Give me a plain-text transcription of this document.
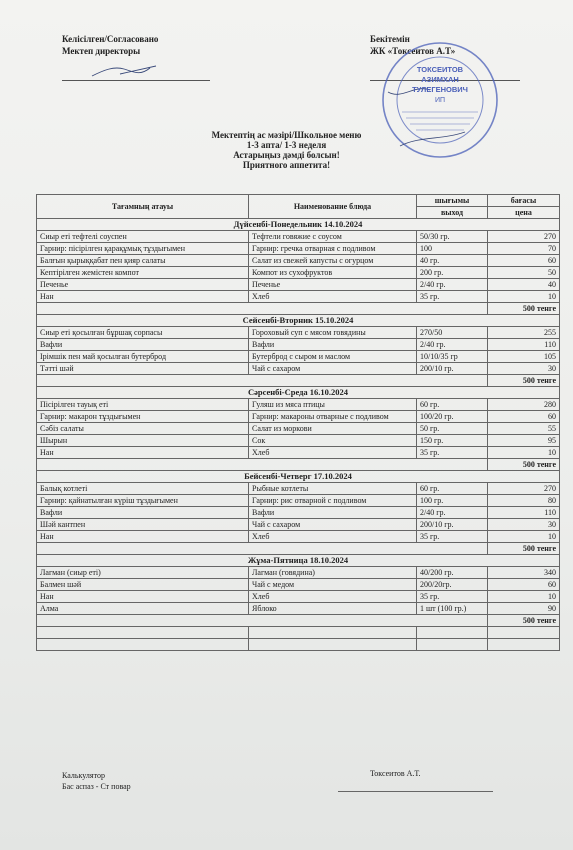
Келісілген/Согласовано
Мектеп директоры
Бекітемін
ЖК «Токсеитов А.Т»
ТОКСЕИТОВ
АЗИМХАН
ТУЛЕГЕНОВИЧ
ИП
Мектептің ас мәзірі/Школьное меню
1-3 апта/ 1-3 неделя
Астарыңыз дәмді болсын!
Приятного аппетита!
Тағамның атауы	Наименование блюда	шығымы	бағасы
		выход	цена
Дүйсенбі-Понедельник 14.10.2024			
Сиыр еті тефтелі соуспен	Тефтели говяжие с соусом	50/30 гр.	270
Гарнир: пісірілген қарақұмық тұздығымен	Гарнир: гречка отварная с подливом	100	70
Балғын қырыққабат пен қияр салаты	Салат из свежей капусты с огурцом	40 гр.	60
Кептірілген жемістен компот	Компот из сухофруктов	200 гр.	50
Печенье	Печенье	2/40 гр.	40
Нан	Хлеб	35 гр.	10
			500 тенге
Сейсенбі-Вторник 15.10.2024			
Сиыр еті қосылған бұршақ сорпасы	Гороховый суп с мясом говядины	270/50	255
Вафли	Вафли	2/40 гр.	110
Ірімшік пен май қосылған бутерброд	Бутерброд с сыром и маслом	10/10/35 гр	105
Тәтті шәй	Чай с сахаром	200/10 гр.	30
			500 тенге
Сәрсенбі-Среда 16.10.2024			
Пісірілген тауық еті	Гуляш из мяса птицы	60 гр.	280
Гарнир: макарон тұздығымен	Гарнир: макароны отварные с подливом	100/20 гр.	60
Сәбіз салаты	Салат из моркови	50 гр.	55
Шырын	Сок	150 гр.	95
Нан	Хлеб	35 гр.	10
			500 тенге
Бейсенбі-Четверг 17.10.2024			
Балық котлеті	Рыбные котлеты	60 гр.	270
Гарнир: қайнатылған күріш тұздығымен	Гарнир: рис отварной с подливом	100 гр.	80
Вафли	Вафли	2/40 гр.	110
Шәй кантпен	Чай с сахаром	200/10 гр.	30
Нан	Хлеб	35 гр.	10
			500 тенге
Жұма-Пятница 18.10.2024			
Лагман (сиыр еті)	Лагман (говядина)	40/200 гр.	340
Балмен шәй	Чай с медом	200/20гр.	60
Нан	Хлеб	35 гр.	10
Алма	Яблоко	1 шт (100 гр.)	90
			500 тенге

Калькулятор
Бас аспаз - Ст повар
Токсеитов А.Т.
